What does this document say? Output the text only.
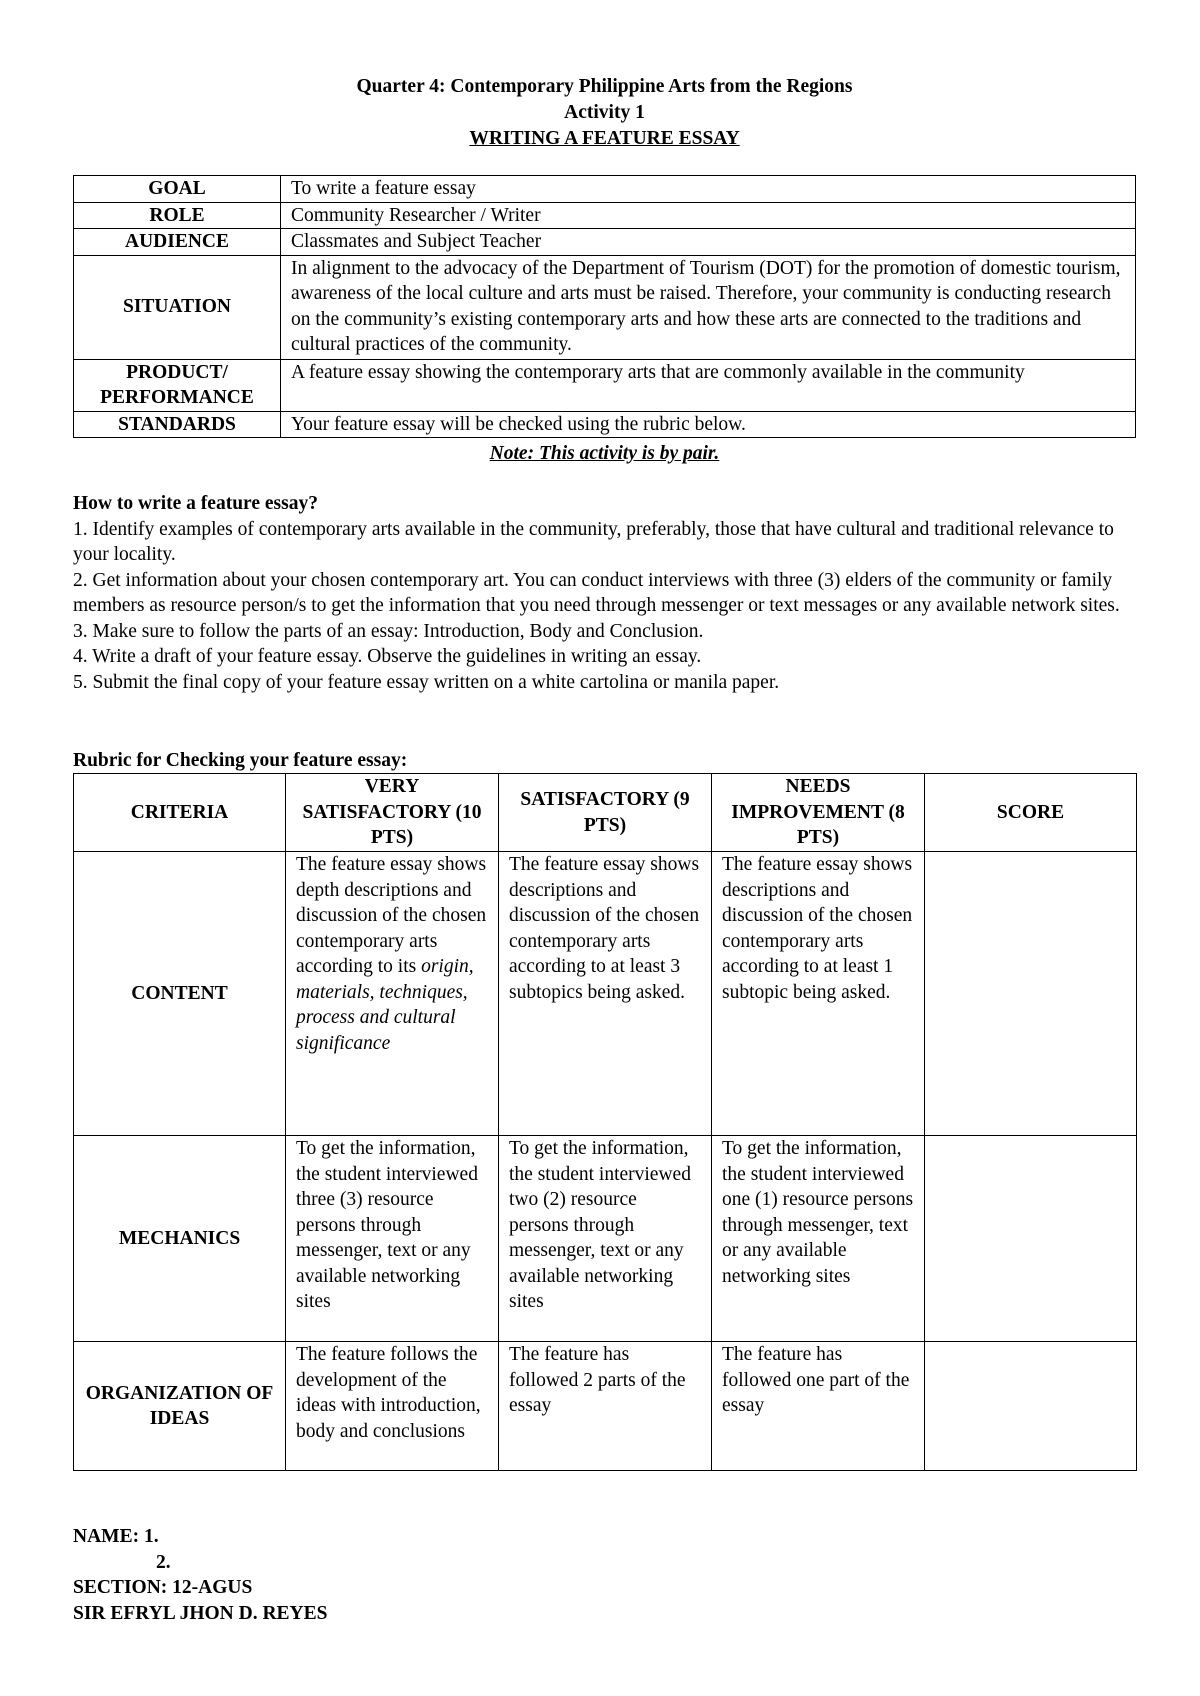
Quarter 4: Contemporary Philippine Arts from the Regions
Activity 1
WRITING A FEATURE ESSAY
GOAL	To write a feature essay
ROLE	Community Researcher / Writer
AUDIENCE	Classmates and Subject Teacher
SITUATION	In alignment to the advocacy of the Department of Tourism (DOT) for the promotion of domestic tourism, awareness of the local culture and arts must be raised. Therefore, your community is conducting research on the community’s existing contemporary arts and how these arts are connected to the traditions and cultural practices of the community.
PRODUCT/ PERFORMANCE	A feature essay showing the contemporary arts that are commonly available in the community
STANDARDS	Your feature essay will be checked using the rubric below.
Note: This activity is by pair.
How to write a feature essay?
1. Identify examples of contemporary arts available in the community, preferably, those that have cultural and traditional relevance to your locality.
2. Get information about your chosen contemporary art. You can conduct interviews with three (3) elders of the community or family members as resource person/s to get the information that you need through messenger or text messages or any available network sites.
3. Make sure to follow the parts of an essay: Introduction, Body and Conclusion.
4. Write a draft of your feature essay. Observe the guidelines in writing an essay.
5. Submit the final copy of your feature essay written on a white cartolina or manila paper.
Rubric for Checking your feature essay:
CRITERIA	VERY SATISFACTORY (10 PTS)	SATISFACTORY (9 PTS)	NEEDS IMPROVEMENT (8 PTS)	SCORE
CONTENT	The feature essay shows depth descriptions and discussion of the chosen contemporary arts according to its origin, materials, techniques, process and cultural significance	The feature essay shows descriptions and discussion of the chosen contemporary arts according to at least 3 subtopics being asked.	The feature essay shows descriptions and discussion of the chosen contemporary arts according to at least 1 subtopic being asked.	
MECHANICS	To get the information, the student interviewed three (3) resource persons through messenger, text or any available networking sites	To get the information, the student interviewed two (2) resource persons through messenger, text or any available networking sites	To get the information, the student interviewed one (1) resource persons through messenger, text or any available networking sites	
ORGANIZATION OF IDEAS	The feature follows the development of the ideas with introduction, body and conclusions	The feature has followed 2 parts of the essay	The feature has followed one part of the essay	
NAME: 1.
2.
SECTION: 12-AGUS
SIR EFRYL JHON D. REYES
